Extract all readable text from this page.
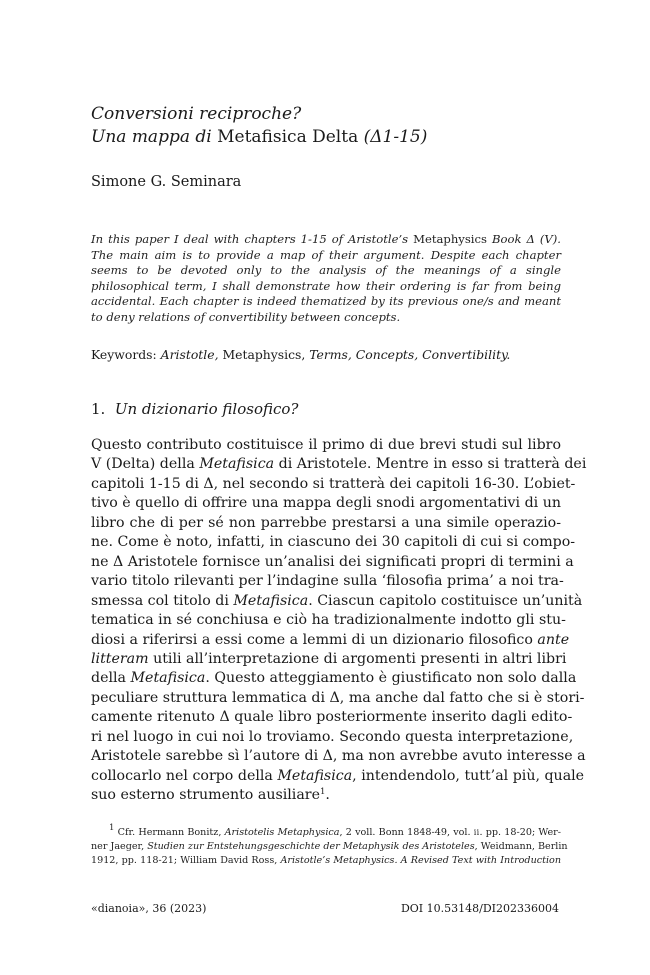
Conversioni reciproche?

Una mappa di Metafisica Delta (Δ1-15)

Simone G. Seminara

In this paper I deal with chapters 1-15 of Aristotle’s Metaphysics Book Δ (V). The main aim is to provide a map of their argument. Despite each chapter seems to be devoted only to the analysis of the meanings of a single philosophical term, I shall demonstrate how their ordering is far from being accidental. Each chapter is indeed thematized by its previous one/s and meant to deny relations of convertibility between concepts.

Keywords: Aristotle, Metaphysics, Terms, Concepts, Convertibility.

1. Un dizionario filosofico?

Questo contributo costituisce il primo di due brevi studi sul libro
V (Delta) della Metafisica di Aristotele. Mentre in esso si tratterà dei
capitoli 1-15 di Δ, nel secondo si tratterà dei capitoli 16-30. L’obiet-
tivo è quello di offrire una mappa degli snodi argomentativi di un
libro che di per sé non parrebbe prestarsi a una simile operazio-
ne. Come è noto, infatti, in ciascuno dei 30 capitoli di cui si compo-
ne Δ Aristotele fornisce un’analisi dei significati propri di termini a
vario titolo rilevanti per l’indagine sulla ‘filosofia prima’ a noi tra-
smessa col titolo di Metafisica. Ciascun capitolo costituisce un’unità
tematica in sé conchiusa e ciò ha tradizionalmente indotto gli stu-
diosi a riferirsi a essi come a lemmi di un dizionario filosofico ante
litteram utili all’interpretazione di argomenti presenti in altri libri
della Metafisica. Questo atteggiamento è giustificato non solo dalla
peculiare struttura lemmatica di Δ, ma anche dal fatto che si è stori-
camente ritenuto Δ quale libro posteriormente inserito dagli edito-
ri nel luogo in cui noi lo troviamo. Secondo questa interpretazione,
Aristotele sarebbe sì l’autore di Δ, ma non avrebbe avuto interesse a
collocarlo nel corpo della Metafisica, intendendolo, tutt’al più, quale
suo esterno strumento ausiliare$^1$.
$^1$ Cfr. Hermann Bonitz, Aristotelis Metaphysica, 2 voll. Bonn 1848-49, vol. ii. pp. 18-20; Wer-
ner Jaeger, Studien zur Entstehungsgeschichte der Metaphysik des Aristoteles, Weidmann, Berlin
1912, pp. 118-21; William David Ross, Aristotle’s Metaphysics. A Revised Text with Introduction

«dianoia», 36 (2023)	DOI 10.53148/DI202336004
